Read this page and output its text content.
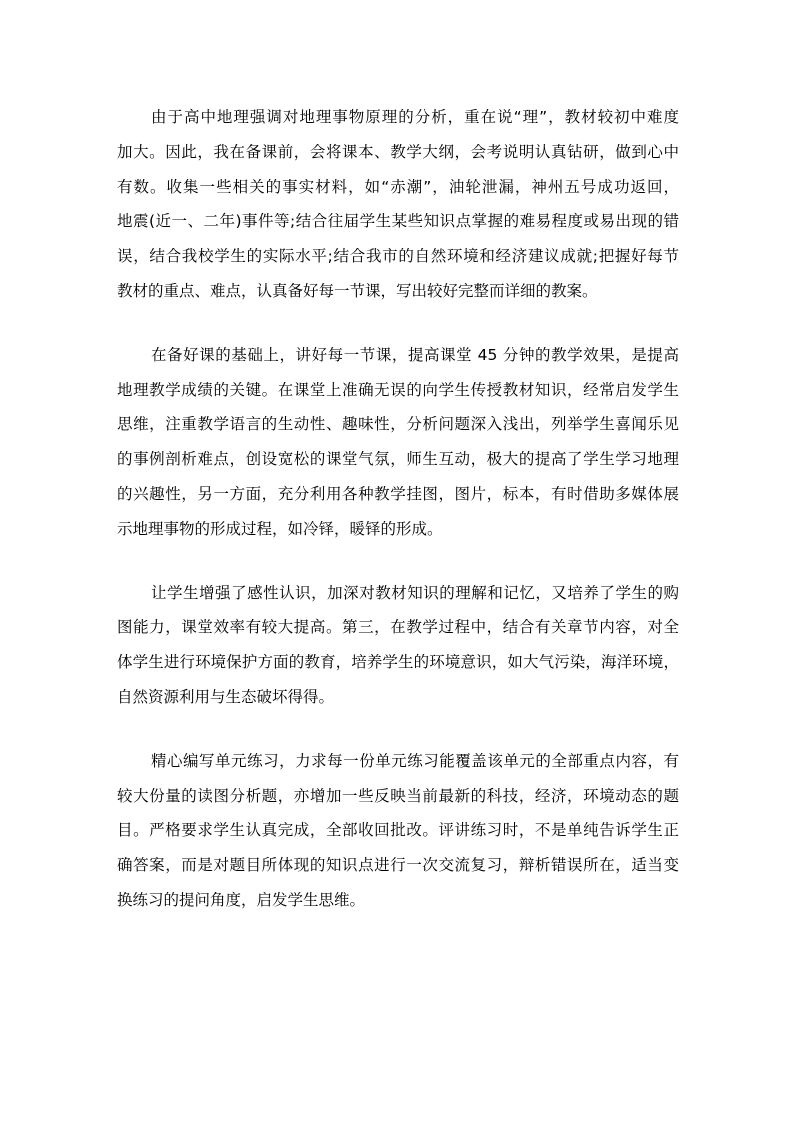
由于高中地理强调对地理事物原理的分析，重在说“理”，教材较初中难度
加大。因此，我在备课前，会将课本、教学大纲，会考说明认真钻研，做到心中
有数。收集一些相关的事实材料，如“赤潮”，油轮泄漏，神州五号成功返回，
地震(近一、二年)事件等;结合往届学生某些知识点掌握的难易程度或易出现的错
误，结合我校学生的实际水平;结合我市的自然环境和经济建议成就;把握好每节
教材的重点、难点，认真备好每一节课，写出较好完整而详细的教案。

在备好课的基础上，讲好每一节课，提高课堂 45 分钟的教学效果，是提高
地理教学成绩的关键。在课堂上准确无误的向学生传授教材知识，经常启发学生
思维，注重教学语言的生动性、趣味性，分析问题深入浅出，列举学生喜闻乐见
的事例剖析难点，创设宽松的课堂气氛，师生互动，极大的提高了学生学习地理
的兴趣性，另一方面，充分利用各种教学挂图，图片，标本，有时借助多媒体展
示地理事物的形成过程，如冷铎，暖铎的形成。

让学生增强了感性认识，加深对教材知识的理解和记忆，又培养了学生的购
图能力，课堂效率有较大提高。第三，在教学过程中，结合有关章节内容，对全
体学生进行环境保护方面的教育，培养学生的环境意识，如大气污染，海洋环境，
自然资源利用与生态破坏得得。

精心编写单元练习，力求每一份单元练习能覆盖该单元的全部重点内容，有
较大份量的读图分析题，亦增加一些反映当前最新的科技，经济，环境动态的题
目。严格要求学生认真完成，全部收回批改。评讲练习时，不是单纯告诉学生正
确答案，而是对题目所体现的知识点进行一次交流复习，辩析错误所在，适当变
换练习的提问角度，启发学生思维。
